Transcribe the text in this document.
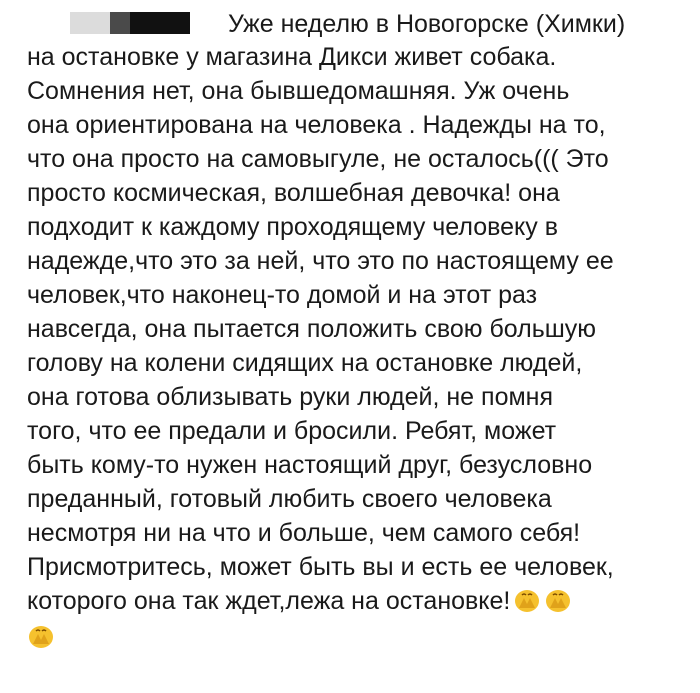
Уже неделю в Новогорске (Химки)
на остановке у магазина Дикси живет собака.
Сомнения нет, она бывшедомашняя. Уж очень
она ориентирована на человека . Надежды на то,
что она просто на самовыгуле, не осталось((( Это
просто космическая, волшебная девочка! она
подходит к каждому проходящему человеку в
надежде,что это за ней, что это по настоящему ее
человек,что наконец-то домой и на этот раз
навсегда, она пытается положить свою большую
голову на колени сидящих на остановке людей,
она готова облизывать руки людей, не помня
того, что ее предали и бросили. Ребят, может
быть кому-то нужен настоящий друг, безусловно
преданный, готовый любить своего человека
несмотря ни на что и больше, чем самого себя!
Присмотритесь, может быть вы и есть ее человек,
которого она так ждет,лежа на остановке!
